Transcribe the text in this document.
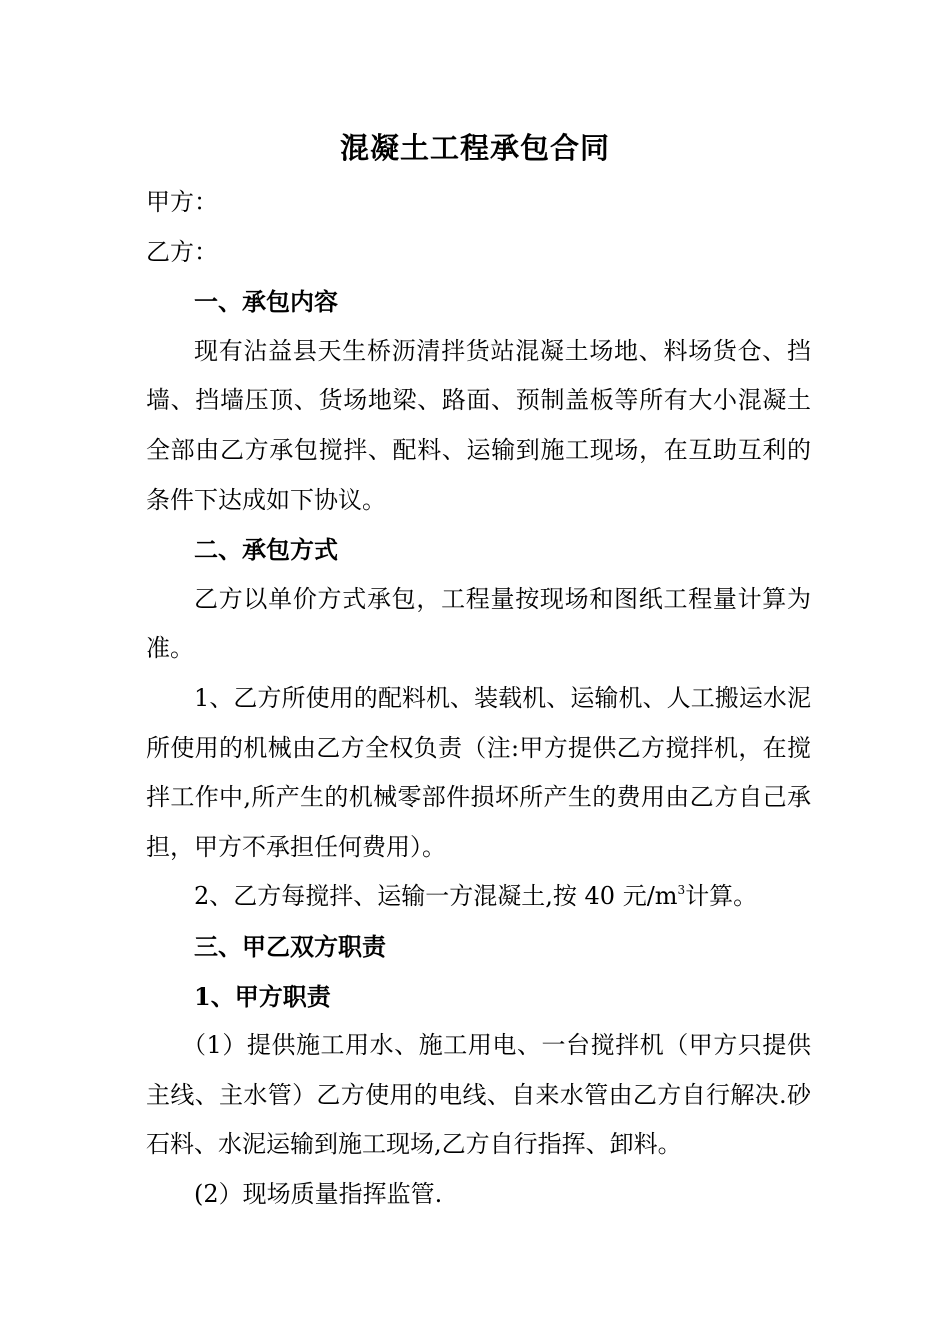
混凝土工程承包合同

甲方：

乙方：

一、承包内容

现有沾益县天生桥沥清拌货站混凝土场地、料场货仓、挡墙、挡墙压顶、货场地梁、路面、预制盖板等所有大小混凝土全部由乙方承包搅拌、配料、运输到施工现场，在互助互利的条件下达成如下协议。

二、承包方式

乙方以单价方式承包，工程量按现场和图纸工程量计算为准。

1、乙方所使用的配料机、装载机、运输机、人工搬运水泥所使用的机械由乙方全权负责（注:甲方提供乙方搅拌机，在搅拌工作中,所产生的机械零部件损坏所产生的费用由乙方自己承担，甲方不承担任何费用）。

2、乙方每搅拌、运输一方混凝土,按 40 元$/m^3$计算。

三、甲乙双方职责

1、甲方职责

（1）提供施工用水、施工用电、一台搅拌机（甲方只提供主线、主水管）乙方使用的电线、自来水管由乙方自行解决.砂石料、水泥运输到施工现场,乙方自行指挥、卸料。

(2）现场质量指挥监管.
